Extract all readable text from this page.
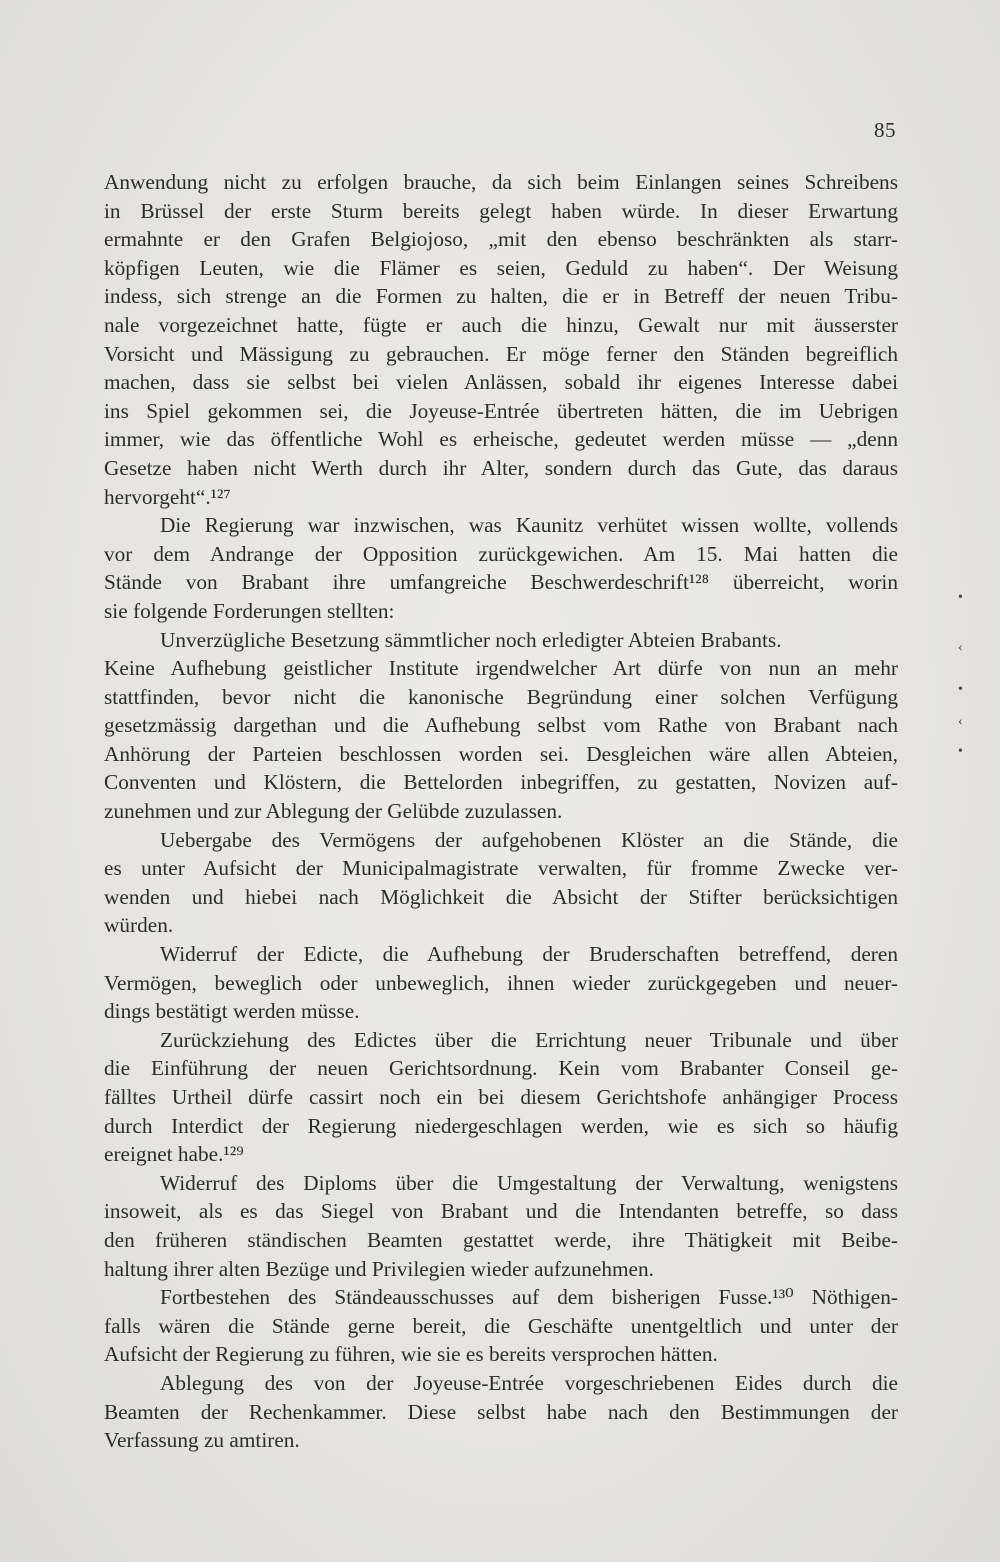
85
Anwendung nicht zu erfolgen brauche, da sich beim Einlangen seines Schreibens
in Brüssel der erste Sturm bereits gelegt haben würde. In dieser Erwartung
ermahnte er den Grafen Belgiojoso, „mit den ebenso beschränkten als starr-
köpfigen Leuten, wie die Flämer es seien, Geduld zu haben“. Der Weisung
indess, sich strenge an die Formen zu halten, die er in Betreff der neuen Tribu-
nale vorgezeichnet hatte, fügte er auch die hinzu, Gewalt nur mit äusserster
Vorsicht und Mässigung zu gebrauchen. Er möge ferner den Ständen begreiflich
machen, dass sie selbst bei vielen Anlässen, sobald ihr eigenes Interesse dabei
ins Spiel gekommen sei, die Joyeuse-Entrée übertreten hätten, die im Uebrigen
immer, wie das öffentliche Wohl es erheische, gedeutet werden müsse — „denn
Gesetze haben nicht Werth durch ihr Alter, sondern durch das Gute, das daraus
hervorgeht“.¹²⁷
Die Regierung war inzwischen, was Kaunitz verhütet wissen wollte, vollends
vor dem Andrange der Opposition zurückgewichen. Am 15. Mai hatten die
Stände von Brabant ihre umfangreiche Beschwerdeschrift¹²⁸ überreicht, worin
sie folgende Forderungen stellten:
Unverzügliche Besetzung sämmtlicher noch erledigter Abteien Brabants.
Keine Aufhebung geistlicher Institute irgendwelcher Art dürfe von nun an mehr
stattfinden, bevor nicht die kanonische Begründung einer solchen Verfügung
gesetzmässig dargethan und die Aufhebung selbst vom Rathe von Brabant nach
Anhörung der Parteien beschlossen worden sei. Desgleichen wäre allen Abteien,
Conventen und Klöstern, die Bettelorden inbegriffen, zu gestatten, Novizen auf-
zunehmen und zur Ablegung der Gelübde zuzulassen.
Uebergabe des Vermögens der aufgehobenen Klöster an die Stände, die
es unter Aufsicht der Municipalmagistrate verwalten, für fromme Zwecke ver-
wenden und hiebei nach Möglichkeit die Absicht der Stifter berücksichtigen
würden.
Widerruf der Edicte, die Aufhebung der Bruderschaften betreffend, deren
Vermögen, beweglich oder unbeweglich, ihnen wieder zurückgegeben und neuer-
dings bestätigt werden müsse.
Zurückziehung des Edictes über die Errichtung neuer Tribunale und über
die Einführung der neuen Gerichtsordnung. Kein vom Brabanter Conseil ge-
fälltes Urtheil dürfe cassirt noch ein bei diesem Gerichtshofe anhängiger Process
durch Interdict der Regierung niedergeschlagen werden, wie es sich so häufig
ereignet habe.¹²⁹
Widerruf des Diploms über die Umgestaltung der Verwaltung, wenigstens
insoweit, als es das Siegel von Brabant und die Intendanten betreffe, so dass
den früheren ständischen Beamten gestattet werde, ihre Thätigkeit mit Beibe-
haltung ihrer alten Bezüge und Privilegien wieder aufzunehmen.
Fortbestehen des Ständeausschusses auf dem bisherigen Fusse.¹³⁰ Nöthigen-
falls wären die Stände gerne bereit, die Geschäfte unentgeltlich und unter der
Aufsicht der Regierung zu führen, wie sie es bereits versprochen hätten.
Ablegung des von der Joyeuse-Entrée vorgeschriebenen Eides durch die
Beamten der Rechenkammer. Diese selbst habe nach den Bestimmungen der
Verfassung zu amtiren.
•
‹
•
‹
•
